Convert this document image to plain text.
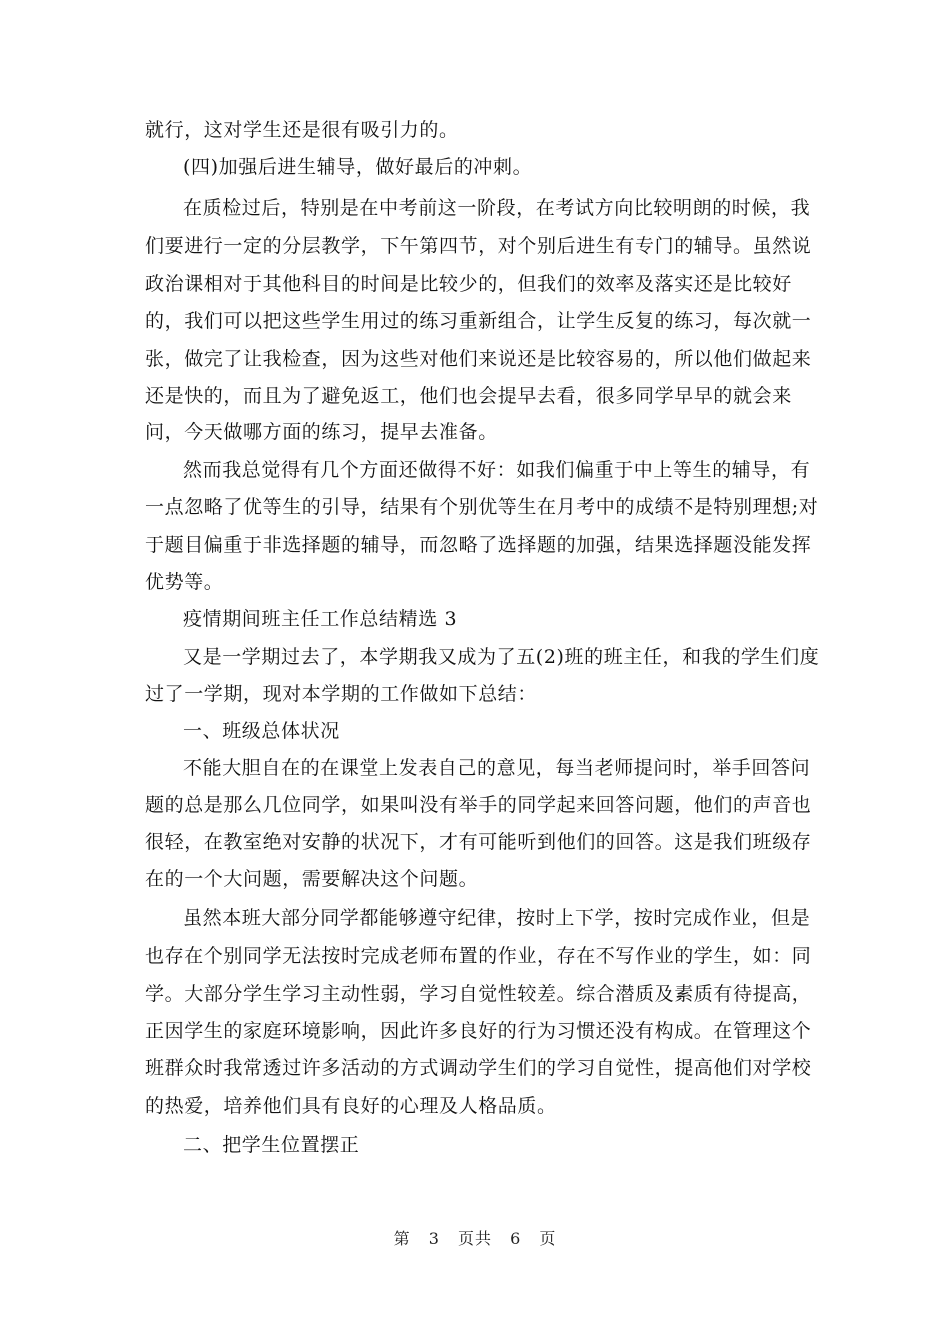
就行，这对学生还是很有吸引力的。
(四)加强后进生辅导，做好最后的冲刺。
在质检过后，特别是在中考前这一阶段，在考试方向比较明朗的时候，我
们要进行一定的分层教学，下午第四节，对个别后进生有专门的辅导。虽然说
政治课相对于其他科目的时间是比较少的，但我们的效率及落实还是比较好
的，我们可以把这些学生用过的练习重新组合，让学生反复的练习，每次就一
张，做完了让我检查，因为这些对他们来说还是比较容易的，所以他们做起来
还是快的，而且为了避免返工，他们也会提早去看，很多同学早早的就会来
问，今天做哪方面的练习，提早去准备。
然而我总觉得有几个方面还做得不好：如我们偏重于中上等生的辅导，有
一点忽略了优等生的引导，结果有个别优等生在月考中的成绩不是特别理想;对
于题目偏重于非选择题的辅导，而忽略了选择题的加强，结果选择题没能发挥
优势等。
疫情期间班主任工作总结精选 3
又是一学期过去了，本学期我又成为了五(2)班的班主任，和我的学生们度
过了一学期，现对本学期的工作做如下总结：
一、班级总体状况
不能大胆自在的在课堂上发表自己的意见，每当老师提问时，举手回答问
题的总是那么几位同学，如果叫没有举手的同学起来回答问题，他们的声音也
很轻，在教室绝对安静的状况下，才有可能听到他们的回答。这是我们班级存
在的一个大问题，需要解决这个问题。
虽然本班大部分同学都能够遵守纪律，按时上下学，按时完成作业，但是
也存在个别同学无法按时完成老师布置的作业，存在不写作业的学生，如：同
学。大部分学生学习主动性弱，学习自觉性较差。综合潜质及素质有待提高，
正因学生的家庭环境影响，因此许多良好的行为习惯还没有构成。在管理这个
班群众时我常透过许多活动的方式调动学生们的学习自觉性，提高他们对学校
的热爱，培养他们具有良好的心理及人格品质。
二、把学生位置摆正
第 3 页共 6 页
